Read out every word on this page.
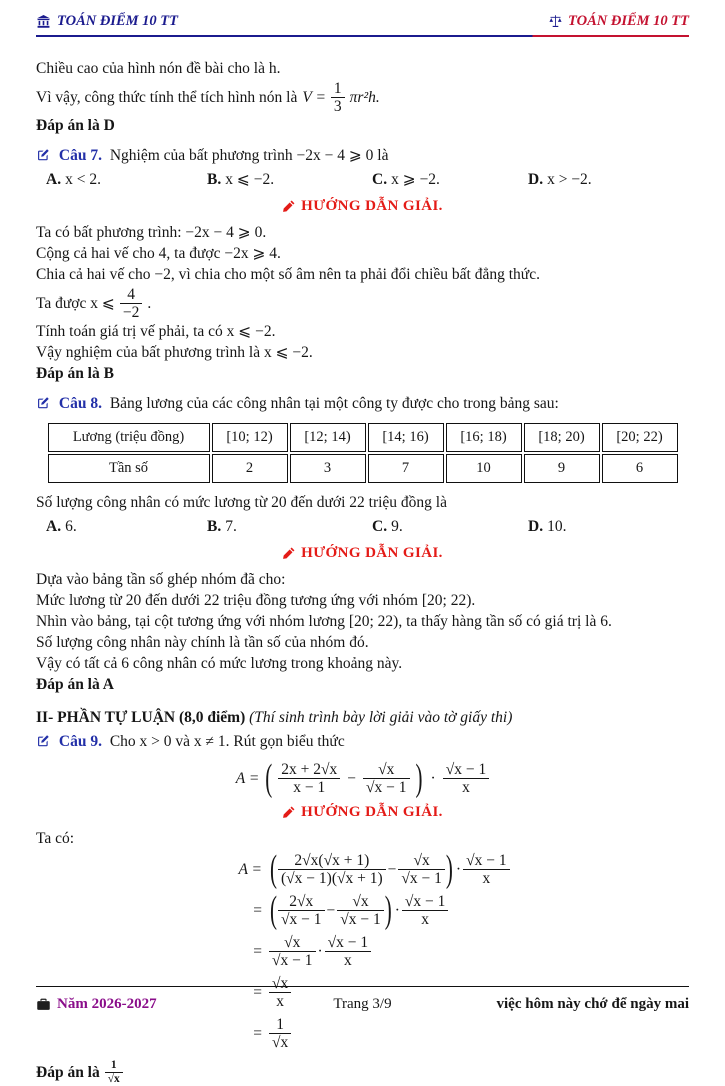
TOÁN ĐIỂM 10 TT	TOÁN ĐIỂM 10 TT

Chiều cao của hình nón đề bài cho là h.

Vì vậy, công thức tính thể tích hình nón là $V = \frac{1}{3} \pi r^2h$.

Đáp án là D

Câu 7. Nghiệm của bất phương trình −2x − 4 ⩾ 0 là

A. x < 2.	B. x ⩽ −2.	C. x ⩾ −2.	D. x > −2.
HƯỚNG DẪN GIẢI.

Ta có bất phương trình: −2x − 4 ⩾ 0.

Cộng cả hai vế cho 4, ta được −2x ⩾ 4.

Chia cả hai vế cho −2, vì chia cho một số âm nên ta phải đổi chiều bất đẳng thức.

Ta được x ⩽ $\frac{4}{-2}$ .

Tính toán giá trị vế phải, ta có x ⩽ −2.

Vậy nghiệm của bất phương trình là x ⩽ −2.

Đáp án là B

Câu 8. Bảng lương của các công nhân tại một công ty được cho trong bảng sau:

Lương (triệu đồng)	[10; 12)	[12; 14)	[14; 16)	[16; 18)	[18; 20)	[20; 22)
Tần số	2	3	7	10	9	6

Số lượng công nhân có mức lương từ 20 đến dưới 22 triệu đồng là

A. 6.	B. 7.	C. 9.	D. 10.
HƯỚNG DẪN GIẢI.

Dựa vào bảng tần số ghép nhóm đã cho:

Mức lương từ 20 đến dưới 22 triệu đồng tương ứng với nhóm [20; 22).

Nhìn vào bảng, tại cột tương ứng với nhóm lương [20; 22), ta thấy hàng tần số có giá trị là 6.

Số lượng công nhân này chính là tần số của nhóm đó.

Vậy có tất cả 6 công nhân có mức lương trong khoảng này.

Đáp án là A

II- PHẦN TỰ LUẬN (8,0 điểm) (Thí sinh trình bày lời giải vào tờ giấy thi)

Câu 9. Cho x > 0 và x ≠ 1. Rút gọn biểu thức

A = ( $\frac{2x + 2√x}{x - 1} - \frac{√x}{√x - 1}$ ) · $\frac{√x - 1}{x}$
HƯỚNG DẪN GIẢI.

Ta có:

A = ( $\frac{2√x(√x + 1)}{(√x - 1)(√x + 1)} - \frac{√x}{√x - 1}$ ) · $\frac{√x - 1}{x}$
= ( $\frac{2√x}{√x - 1} - \frac{√x}{√x - 1}$ ) · $\frac{√x - 1}{x}$
= $\frac{√x}{√x - 1} \cdot \frac{√x - 1}{x}$
= $\frac{√x}{x}$
= $\frac{1}{√x}$
Đáp án là $\frac{1}{√x}$
Năm 2026-2027	Trang 3/9	việc hôm này chớ để ngày mai
